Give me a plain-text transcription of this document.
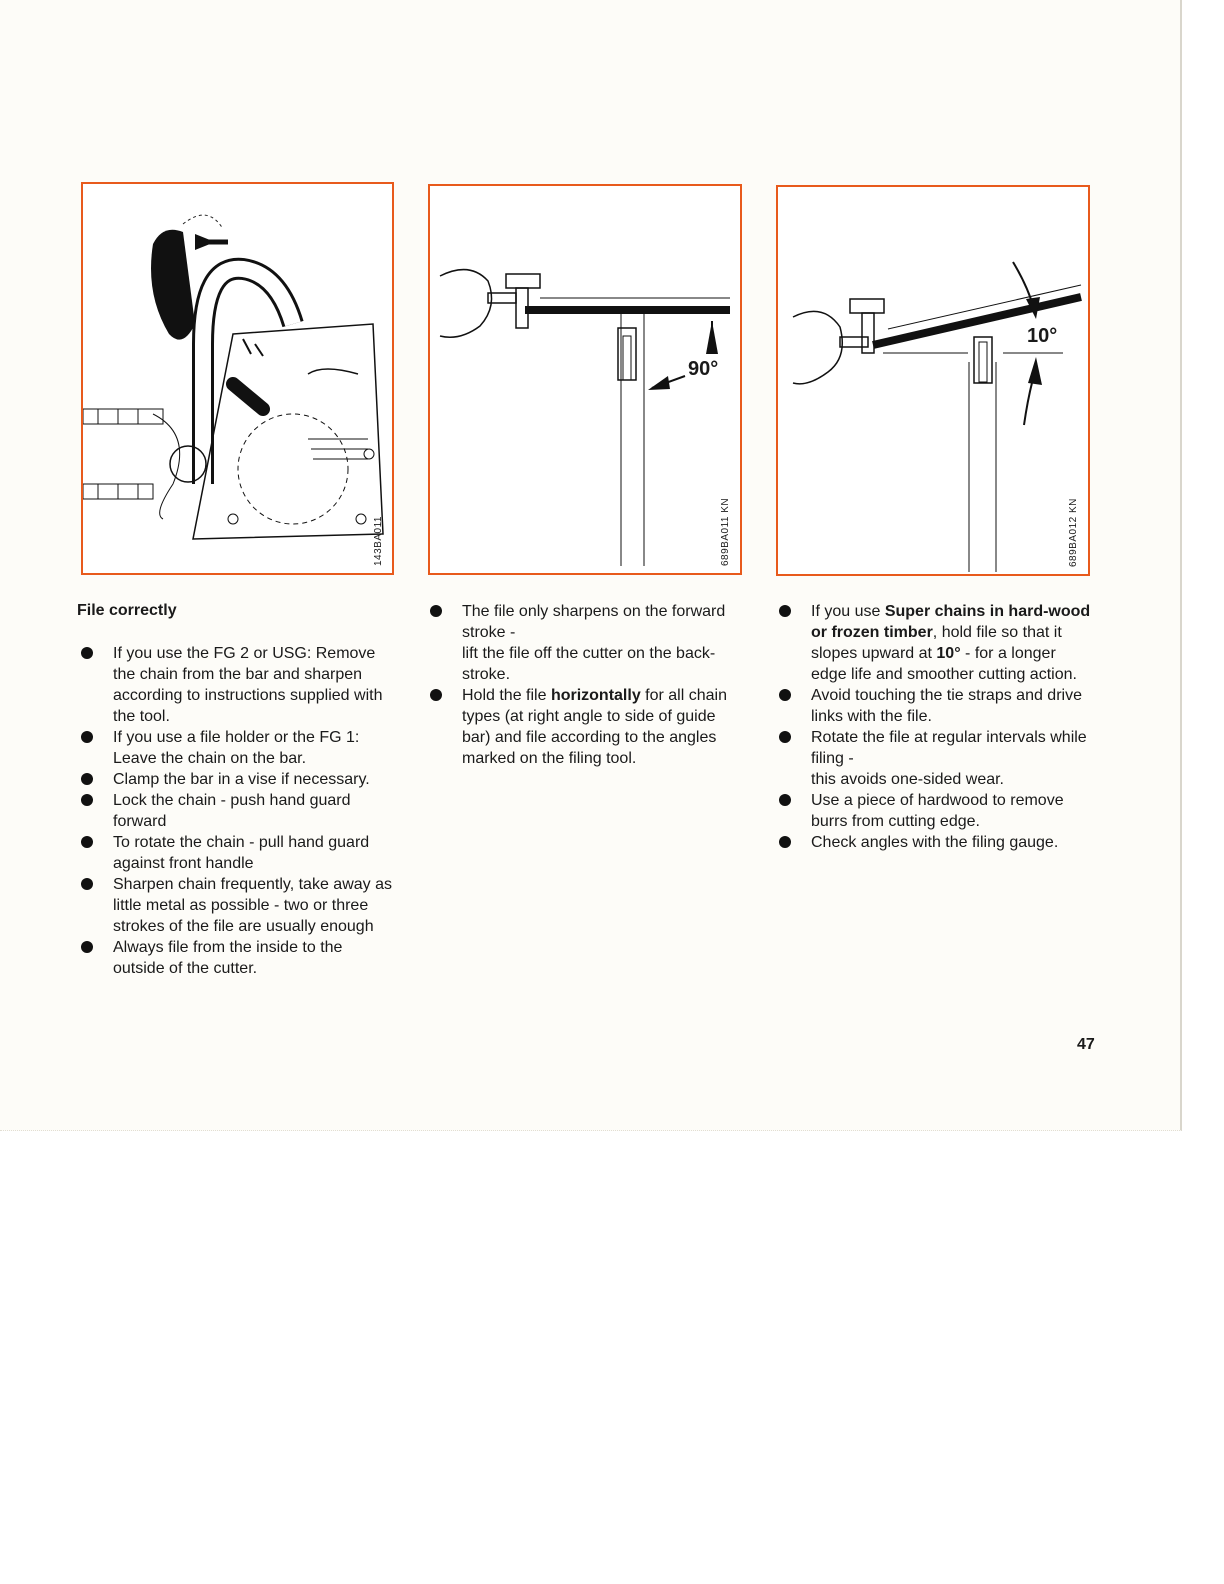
143BA011
90°
689BA011 KN
10°
689BA012 KN
File correctly
If you use the FG 2 or USG: Remove the chain from the bar and sharpen according to instructions supplied with the tool.
If you use a file holder or the FG 1: Leave the chain on the bar.
Clamp the bar in a vise if necessary.
Lock the chain - push hand guard forward
To rotate the chain - pull hand guard against front handle
Sharpen chain frequently, take away as little metal as possible - two or three strokes of the file are usually enough
Always file from the inside to the outside of the cutter.
The file only sharpens on the forward stroke -
lift the file off the cutter on the back-stroke.
Hold the file horizontally for all chain types (at right angle to side of guide bar) and file according to the angles marked on the filing tool.
If you use Super chains in hard-wood or frozen timber, hold file so that it slopes upward at 10° - for a longer edge life and smoother cutting action.
Avoid touching the tie straps and drive links with the file.
Rotate the file at regular intervals while filing -
this avoids one-sided wear.
Use a piece of hardwood to remove burrs from cutting edge.
Check angles with the filing gauge.
47
